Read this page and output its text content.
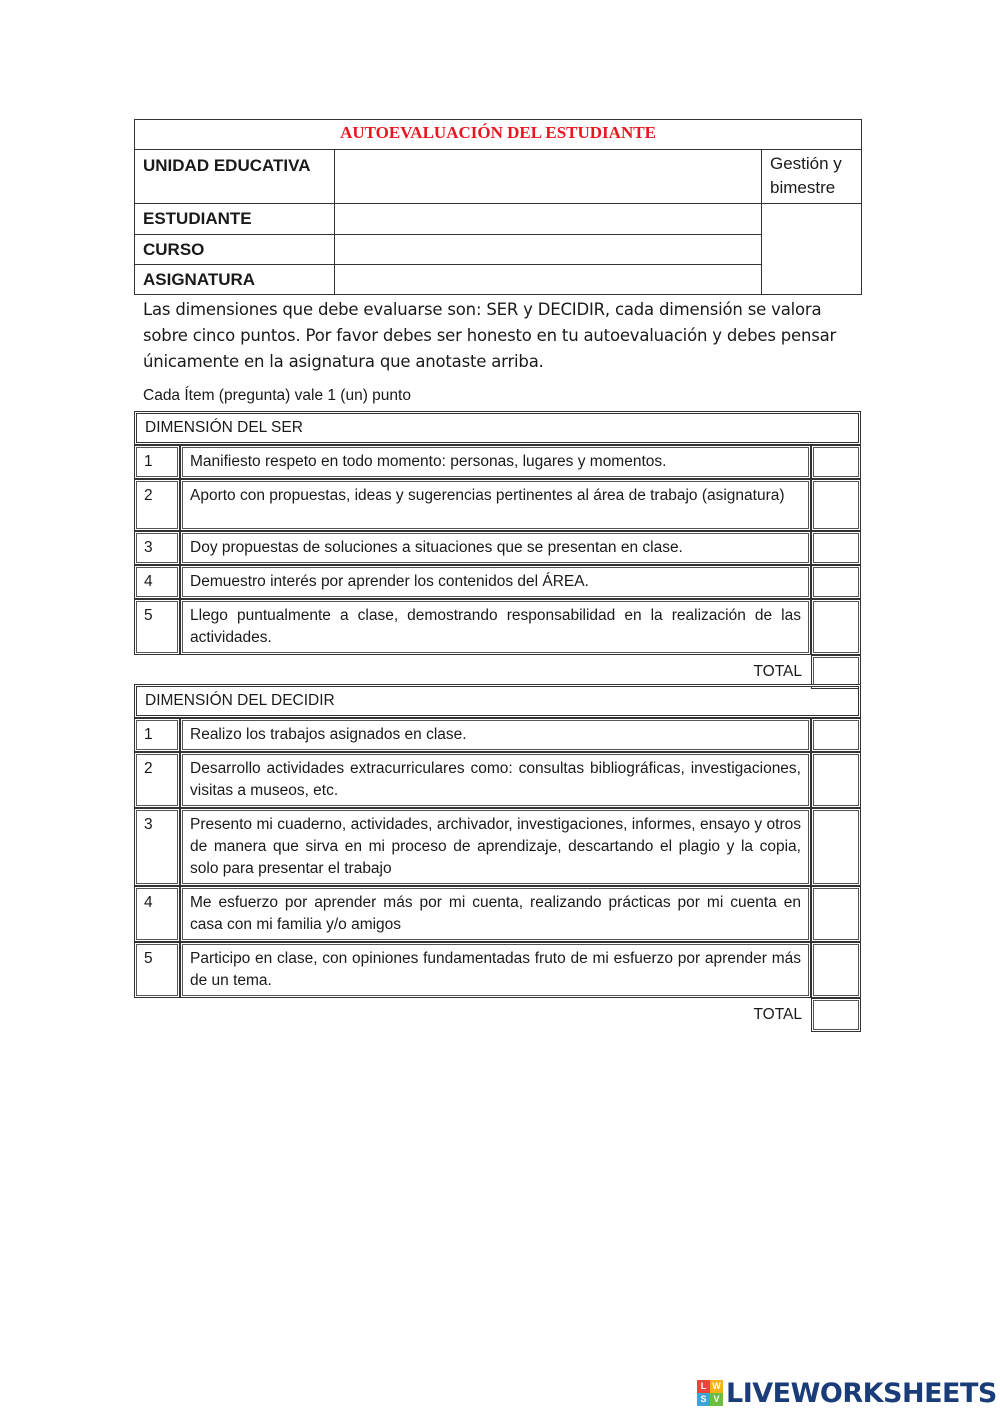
AUTOEVALUACIÓN DEL ESTUDIANTE		

UNIDAD EDUCATIVA		Gestión y bimestre

ESTUDIANTE		

CURSO		

ASIGNATURA		

Las dimensiones que debe evaluarse son: SER y DECIDIR, cada dimensión se valora sobre cinco puntos. Por favor debes ser honesto en tu autoevaluación y debes pensar únicamente en la asignatura que anotaste arriba.
Cada Ítem (pregunta) vale 1 (un) punto
DIMENSIÓN DEL SER		
1	Manifiesto respeto en todo momento: personas, lugares y momentos.	
2	Aporto con propuestas, ideas y sugerencias pertinentes al área de trabajo (asignatura)	
3	Doy propuestas de soluciones a situaciones que se presentan en clase.	
4	Demuestro interés por aprender los contenidos del ÁREA.	
5	Llego puntualmente a clase, demostrando responsabilidad en la realización de las actividades.	
	TOTAL	
DIMENSIÓN DEL DECIDIR		
1	Realizo los trabajos asignados en clase.	
2	Desarrollo actividades extracurriculares como: consultas bibliográficas, investigaciones, visitas a museos, etc.	
3	Presento mi cuaderno, actividades, archivador, investigaciones, informes, ensayo y otros de manera que sirva en mi proceso de aprendizaje, descartando el plagio y la copia, solo para presentar el trabajo	
4	Me esfuerzo por aprender más por mi cuenta, realizando prácticas por mi cuenta en casa con mi familia y/o amigos	
5	Participo en clase, con opiniones fundamentadas fruto de mi esfuerzo por aprender más de un tema.	
	TOTAL	
L W
S V LIVEWORKSHEETS
